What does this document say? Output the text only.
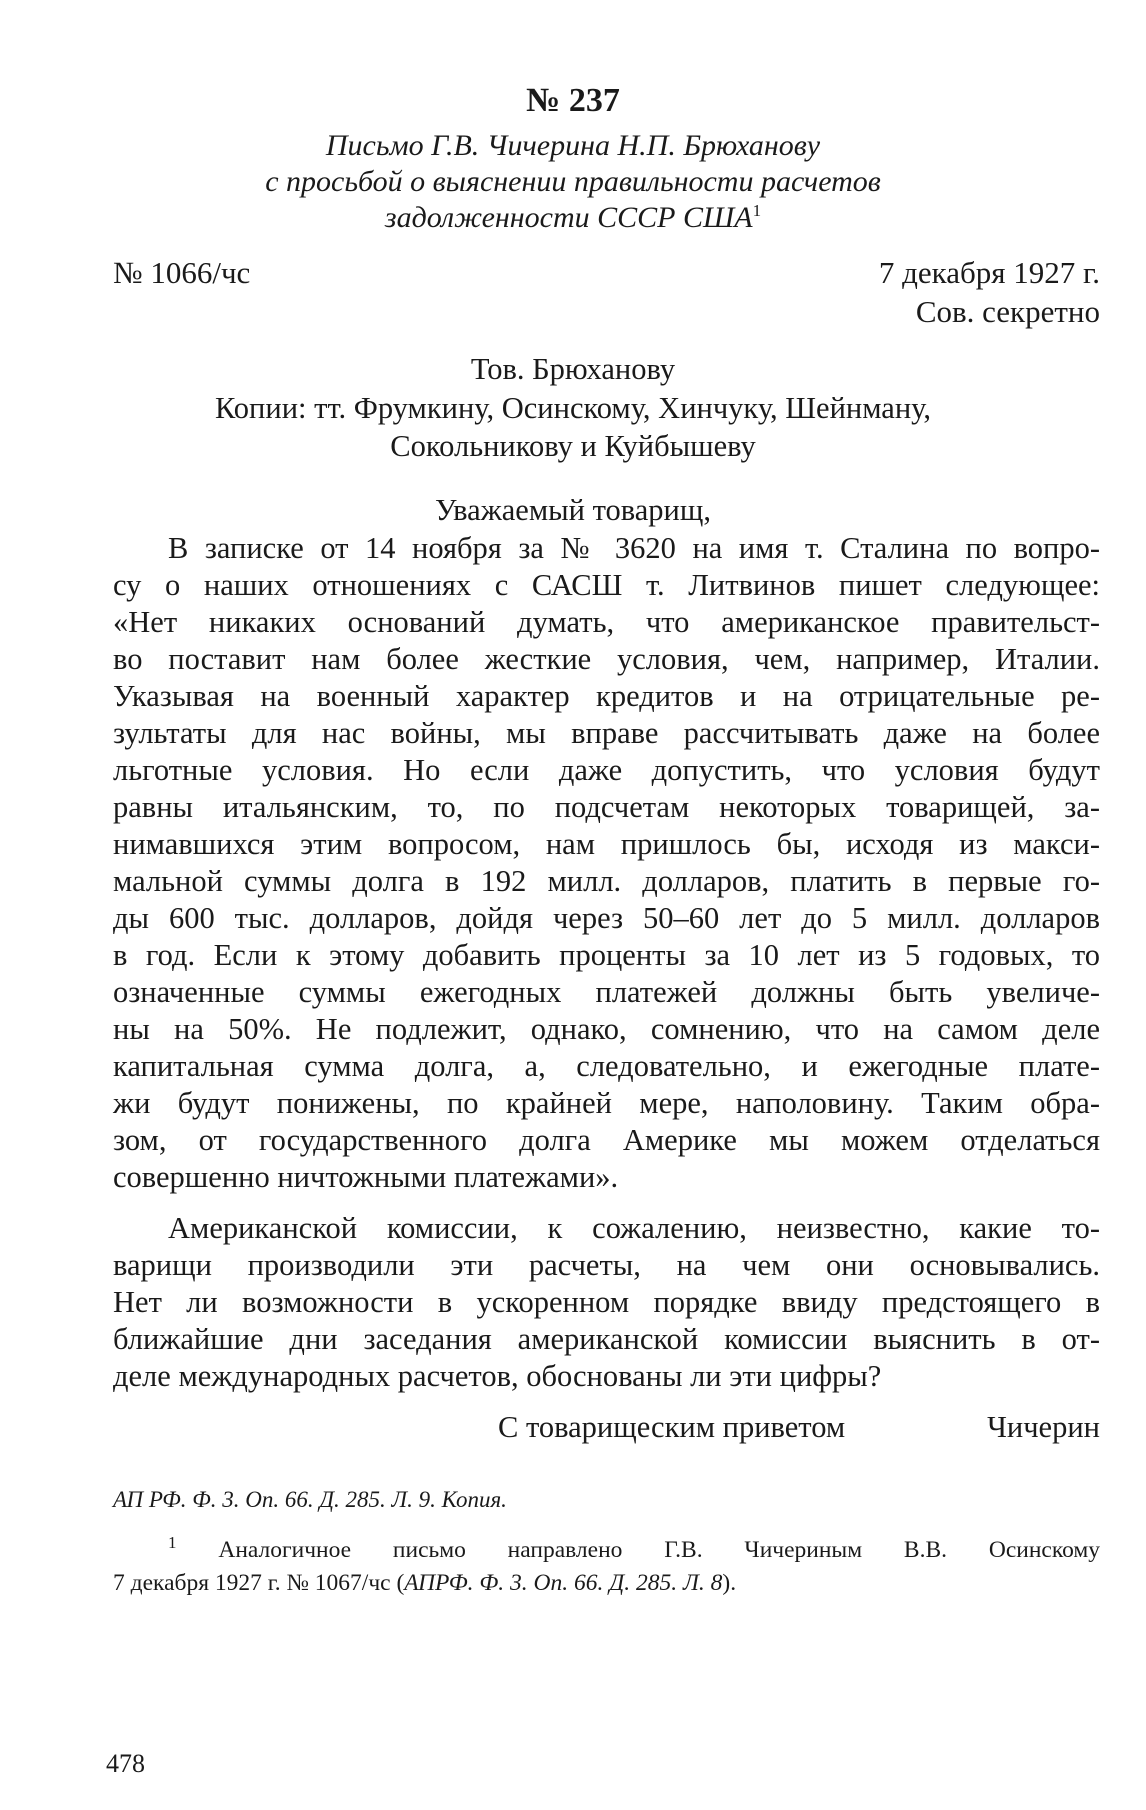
№ 237
Письмо Г.В. Чичерина Н.П. Брюханову
с просьбой о выяснении правильности расчетов
задолженности СССР США$^1$
№ 1066/чс	7 декабря 1927 г.
Сов. секретно
Тов. Брюханову
Копии: тт. Фрумкину, Осинскому, Хинчуку, Шейнману,
Сокольникову и Куйбышеву
Уважаемый товарищ,
В записке от 14 ноября за № 3620 на имя т. Сталина по вопро-
су о наших отношениях с САСШ т. Литвинов пишет следующее:
«Нет никаких оснований думать, что американское правительст-
во поставит нам более жесткие условия, чем, например, Италии.
Указывая на военный характер кредитов и на отрицательные ре-
зультаты для нас войны, мы вправе рассчитывать даже на более
льготные условия. Но если даже допустить, что условия будут
равны итальянским, то, по подсчетам некоторых товарищей, за-
нимавшихся этим вопросом, нам пришлось бы, исходя из макси-
мальной суммы долга в 192 милл. долларов, платить в первые го-
ды 600 тыс. долларов, дойдя через 50–60 лет до 5 милл. долларов
в год. Если к этому добавить проценты за 10 лет из 5 годовых, то
означенные суммы ежегодных платежей должны быть увеличе-
ны на 50%. Не подлежит, однако, сомнению, что на самом деле
капитальная сумма долга, а, следовательно, и ежегодные плате-
жи будут понижены, по крайней мере, наполовину. Таким обра-
зом, от государственного долга Америке мы можем отделаться
совершенно ничтожными платежами».
Американской комиссии, к сожалению, неизвестно, какие то-
варищи производили эти расчеты, на чем они основывались.
Нет ли возможности в ускоренном порядке ввиду предстоящего в
ближайшие дни заседания американской комиссии выяснить в от-
деле международных расчетов, обоснованы ли эти цифры?
С товарищеским приветом	Чичерин
АП РФ. Ф. 3. Оп. 66. Д. 285. Л. 9. Копия.
$^1$ Аналогичное письмо направлено Г.В. Чичериным В.В. Осинскому
7 декабря 1927 г. № 1067/чс (АПРФ. Ф. 3. Оп. 66. Д. 285. Л. 8).
478
